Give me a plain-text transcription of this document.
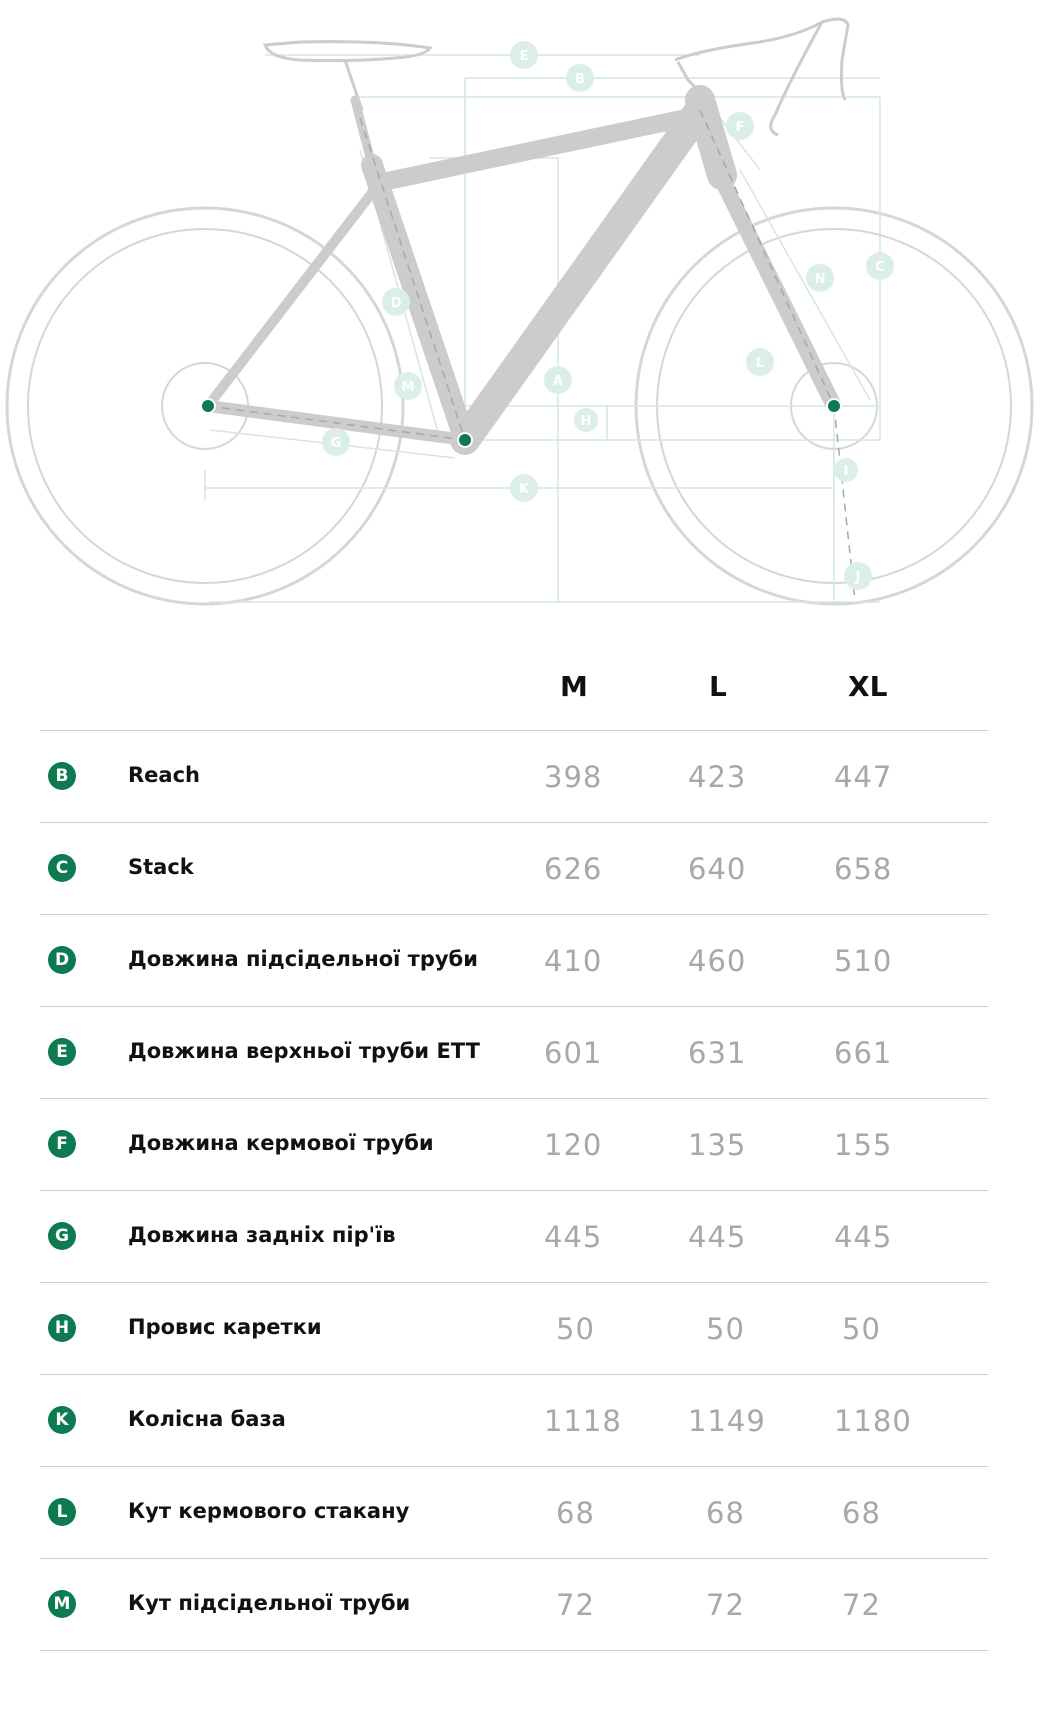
E
B
F
C
N
D
L
M	A
H
G
K
I
J
M	L	XL
B	Reach	398	423	447
C	Stack	626	640	658
D	Довжина підсідельної труби 410	460	510
E	Довжина верхньої труби ETT 601	631	661
F	Довжина кермової труби	120	135	155
G	Довжина задніх пір'їв	445	445	445
H	Провис каретки	50	50	50
K	Колісна база	1118 1149 1180
L	Кут кермового стакану	68	68	68
M	Кут підсідельної труби	72	72	72
